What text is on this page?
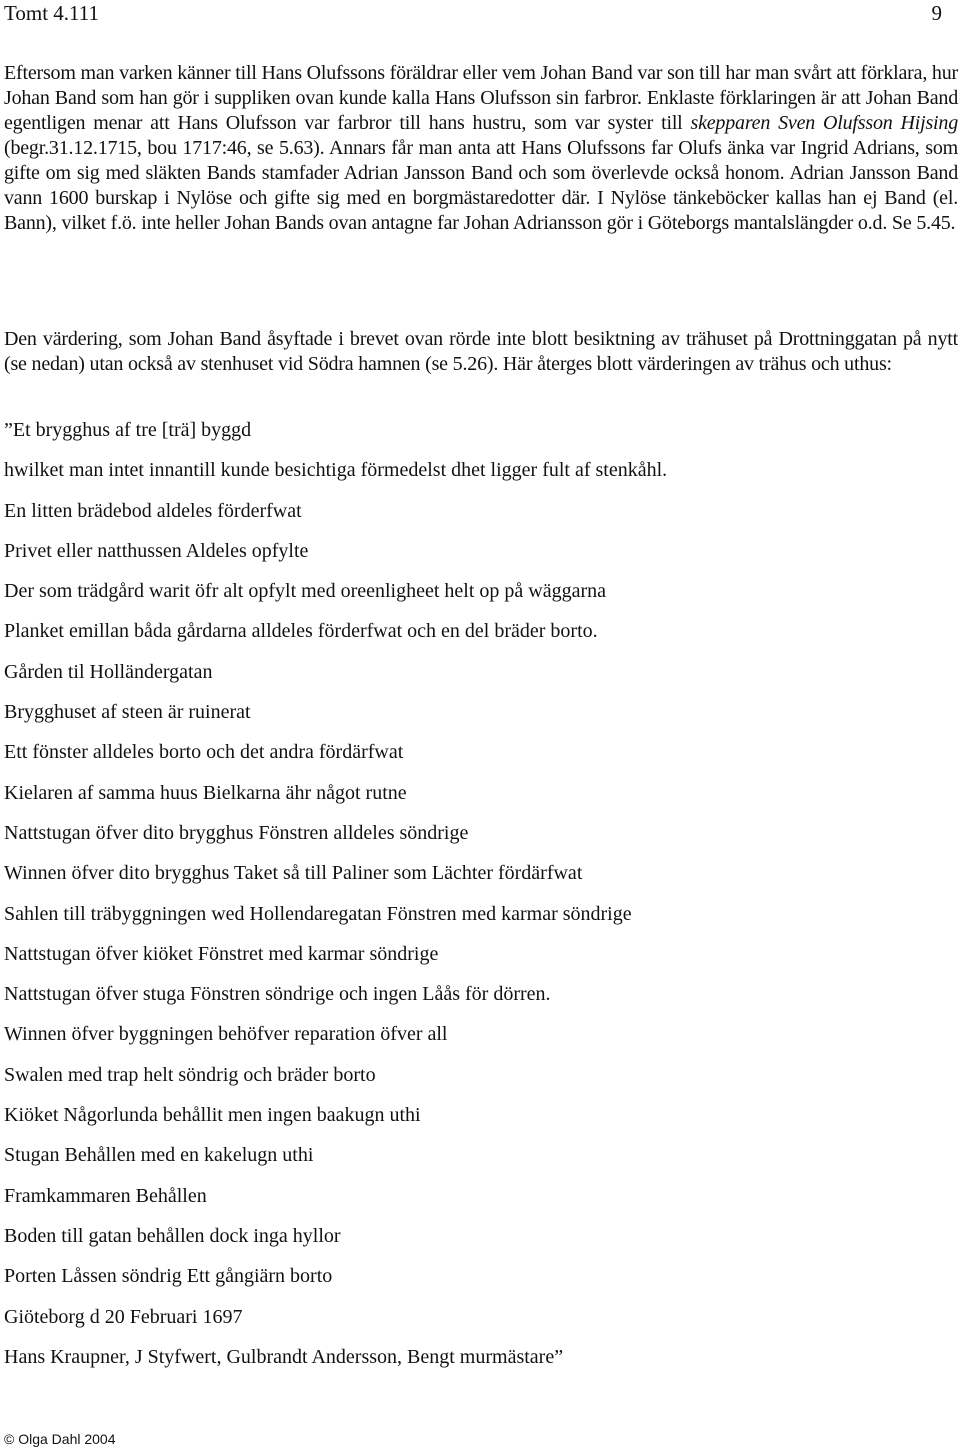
Tomt 4.111	9
Eftersom man varken känner till Hans Olufssons föräldrar eller vem Johan Band var son till har man svårt att förklara, hur Johan Band som han gör i suppliken ovan kunde kalla Hans Olufsson sin farbror. Enklaste förklaringen är att Johan Band egentligen menar att Hans Olufsson var farbror till hans hustru, som var syster till skepparen Sven Olufsson Hijsing (begr.31.12.1715, bou 1717:46, se 5.63). Annars får man anta att Hans Olufssons far Olufs änka var Ingrid Adrians, som gifte om sig med släkten Bands stamfader Adrian Jansson Band och som överlevde också honom. Adrian Jansson Band vann 1600 burskap i Nylöse och gifte sig med en borgmästaredotter där. I Nylöse tänkeböcker kallas han ej Band (el. Bann), vilket f.ö. inte heller Johan Bands ovan antagne far Johan Adriansson gör i Göteborgs mantalslängder o.d. Se 5.45.
Den värdering, som Johan Band åsyftade i brevet ovan rörde inte blott besiktning av trähuset på Drottninggatan på nytt (se nedan) utan också av stenhuset vid Södra hamnen (se 5.26). Här återges blott värderingen av trähus och uthus:
”Et brygghus af tre [trä] byggd
hwilket man intet innantill kunde besichtiga förmedelst dhet ligger fult af stenkåhl.
En litten brädebod aldeles förderfwat
Privet eller natthussen Aldeles opfylte
Der som trädgård warit öfr alt opfylt med oreenligheet helt op på wäggarna
Planket emillan båda gårdarna alldeles förderfwat och en del bräder borto.
Gården til Holländergatan
Brygghuset af steen är ruinerat
Ett fönster alldeles borto och det andra fördärfwat
Kielaren af samma huus Bielkarna ähr något rutne
Nattstugan öfver dito brygghus Fönstren alldeles söndrige
Winnen öfver dito brygghus Taket så till Paliner som Lächter fördärfwat
Sahlen till träbyggningen wed Hollendaregatan Fönstren med karmar söndrige
Nattstugan öfver kiöket Fönstret med karmar söndrige
Nattstugan öfver stuga Fönstren söndrige och ingen Låås för dörren.
Winnen öfver byggningen behöfver reparation öfver all
Swalen med trap helt söndrig och bräder borto
Kiöket Någorlunda behållit men ingen baakugn uthi
Stugan Behållen med en kakelugn uthi
Framkammaren Behållen
Boden till gatan behållen dock inga hyllor
Porten Låssen söndrig Ett gångiärn borto
Giöteborg d 20 Februari 1697
Hans Kraupner, J Styfwert, Gulbrandt Andersson, Bengt murmästare”
© Olga Dahl 2004
